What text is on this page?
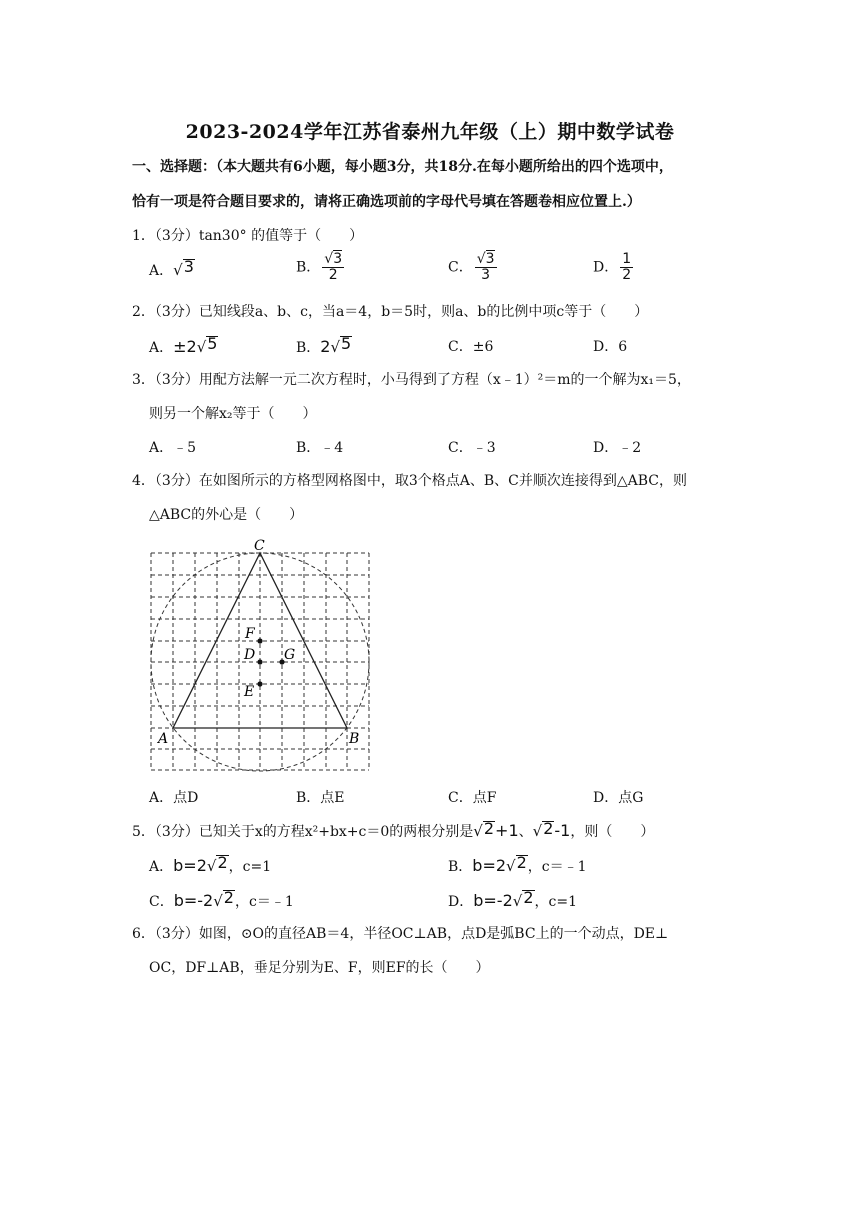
2023-2024学年江苏省泰州九年级（上）期中数学试卷
一、选择题：（本大题共有6小题，每小题3分，共18分.在每小题所给出的四个选项中，
恰有一项是符合题目要求的，请将正确选项前的字母代号填在答题卷相应位置上.）
1．（3分）tan30° 的值等于（　　）
A． √ 3	B． $\frac{√3}{2}$	C． $\frac{√3}{3}$	D． $\frac{1}{2}$
2．（3分）已知线段a、b、c，当a＝4，b＝5时，则a、b的比例中项c等于（　　）
A．±2 √ 5	B．2 √ 5	C．±6	D．6
3．（3分）用配方法解一元二次方程时，小马得到了方程（x﹣1）²＝m的一个解为x₁＝5，
则另一个解x₂等于（　　）
A．﹣5	B．﹣4	C．﹣3	D．﹣2
4．（3分）在如图所示的方格型网格图中，取3个格点A、B、C并顺次连接得到△ABC，则
△ABC的外心是（　　）
C
A	B
F
D G
E
A．点D	B．点E	C．点F	D．点G
5．（3分）已知关于x的方程x²+bx+c＝0的两根分别是 √ 2 +1、 √ 2 -1，则（　　）
A．b=2 √ 2 ，c=1	B．b=2 √ 2 ，c＝﹣1
C．b=-2 √ 2 ，c＝﹣1	D．b=-2 √ 2 ，c=1
6．（3分）如图，⊙O的直径AB＝4，半径OC⊥AB，点D是弧BC上的一个动点，DE⊥
OC，DF⊥AB，垂足分别为E、F，则EF的长（　　）
